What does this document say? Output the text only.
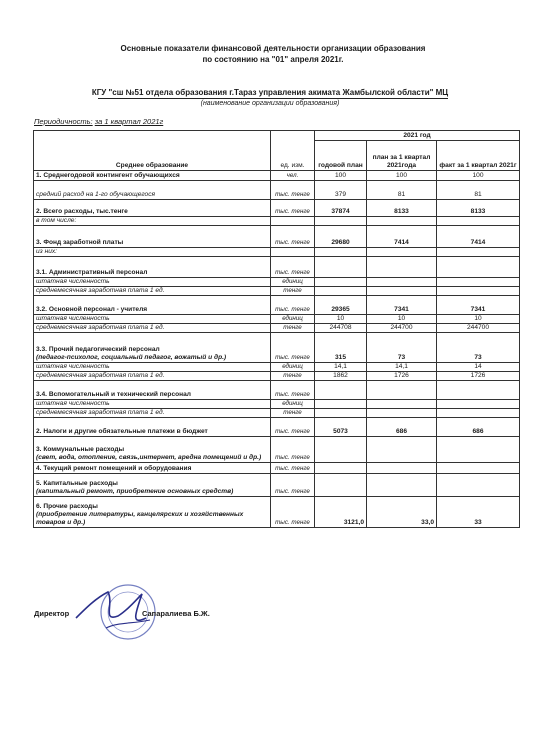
Основные показатели финансовой деятельности организации образования
по состоянию на "01" апреля 2021г.
КГУ "сш №51 отдела образования г.Тараз управления акимата Жамбылской области" МЦ
(наименование организации образования)
Периодичность: за 1 квартал 2021г
Среднее образование	ед. изм.	2021 год		
		годовой план	план за 1 квартал 2021года	факт за 1 квартал 2021г

1. Среднегодовой контингент обучающихся	чел.	100	100	100

средний расход на 1-го обучающегося	тыс. тенге	379	81	81

2. Всего расходы, тыс.тенге	тыс. тенге	37874	8133	8133

в том числе:				

3. Фонд заработной платы	тыс. тенге	29680	7414	7414

из них:				

3.1. Административный персонал	тыс. тенге			

штатная численность	единиц			

среднемесячная заработная плата 1 ед.	тенге			

3.2. Основной персонал - учителя	тыс. тенге	29365	7341	7341

штатная численность	единиц	10	10	10

среднемесячная заработная плата 1 ед.	тенге	244708	244700	244700

3.3. Прочий педагогический персонал
(педагог-психолог, социальный педагог, вожатый и др.)	тыс. тенге	315	73	73

штатная численность	единиц	14,1	14,1	14

среднемесячная заработная плата 1 ед.	тенге	1862	1726	1726

3.4. Вспомогательный и технический персонал	тыс. тенге			

штатная численность	единиц			

среднемесячная заработная плата 1 ед.	тенге			

2. Налоги и другие обязательные платежи в бюджет	тыс. тенге	5073	686	686

3. Коммунальные расходы
(свет, вода, отопление, связь,интернет, аредна помещений и др.)	тыс. тенге			

4. Текущий ремонт помещений и оборудования	тыс. тенге			

5. Капитальные расходы
(капитальный ремонт, приобретение основных средств)	тыс. тенге			

6. Прочие расходы
(приобретение литературы, канцелярских и хозяйственных товаров и др.)	тыс. тенге	3121,0	33,0	33
Директор	Сапаралиева Б.Ж.
